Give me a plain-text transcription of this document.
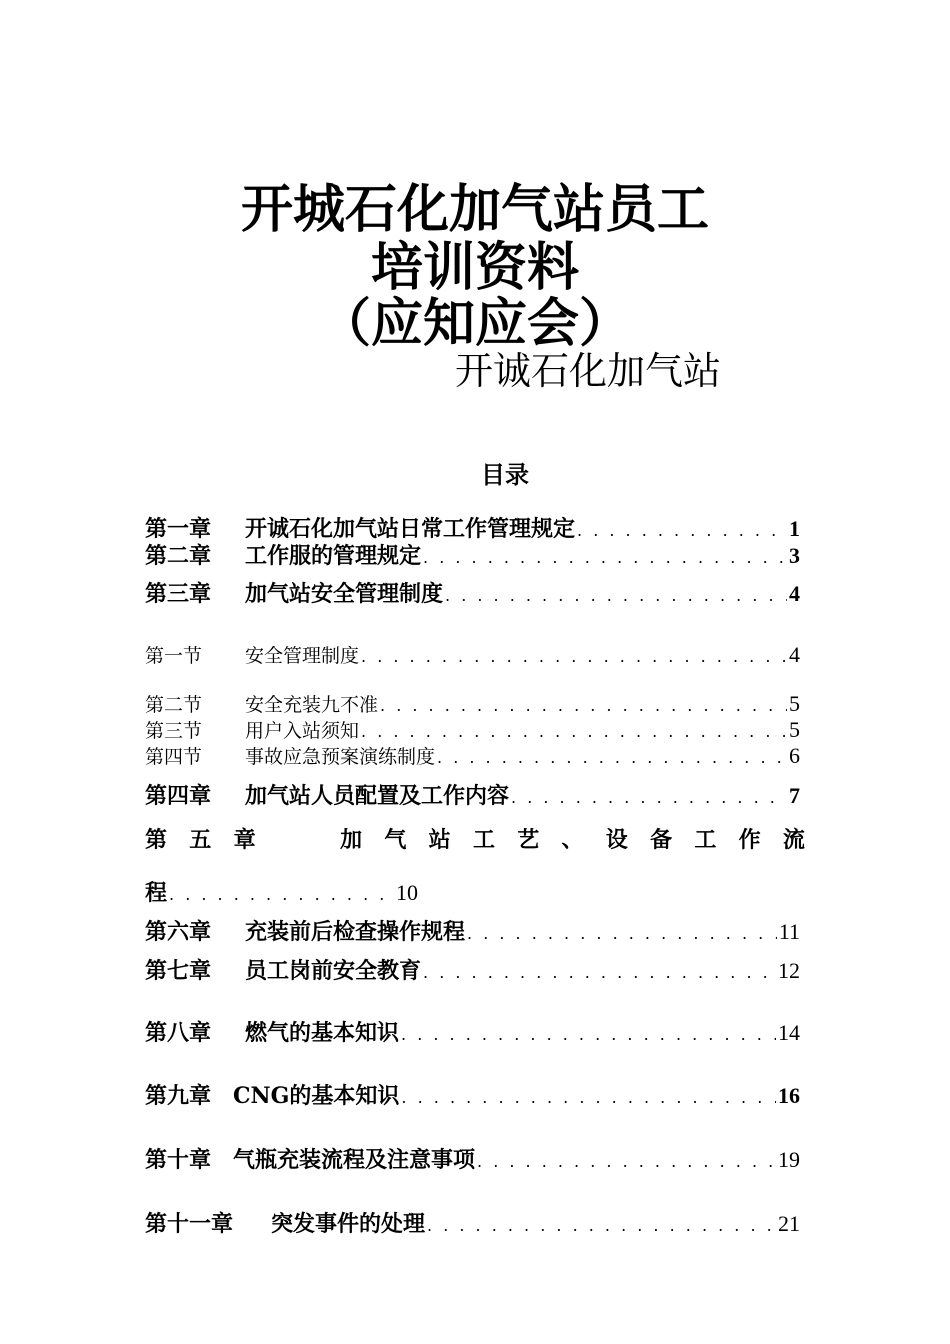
开城石化加气站员工
培训资料
（应知应会）
开诚石化加气站
目录
第一章	开诚石化加气站日常工作管理规定 . . .	1
第二章	工作服的管理规定 . . .	3
第三章	加气站安全管理制度 . . .	4
第一节	安全管理制度 . . .	4
第二节	安全充装九不准 . . .	5
第三节	用户入站须知 . . .	5
第四节	事故应急预案演练制度 . . .	6
第四章	加气站人员配置及工作内容 . . .	7
第 五 章	加 气 站 工 艺 、 设 备 工 作 流
程 . . .	10
第六章	充装前后检查操作规程 . . .	11
第七章	员工岗前安全教育 . . .	12
第八章	燃气的基本知识 . . .	14
第九章 CNG的基本知识 . . .	16
第十章 气瓶充装流程及注意事项 . . .	19
第十一章	突发事件的处理 . . .	21
